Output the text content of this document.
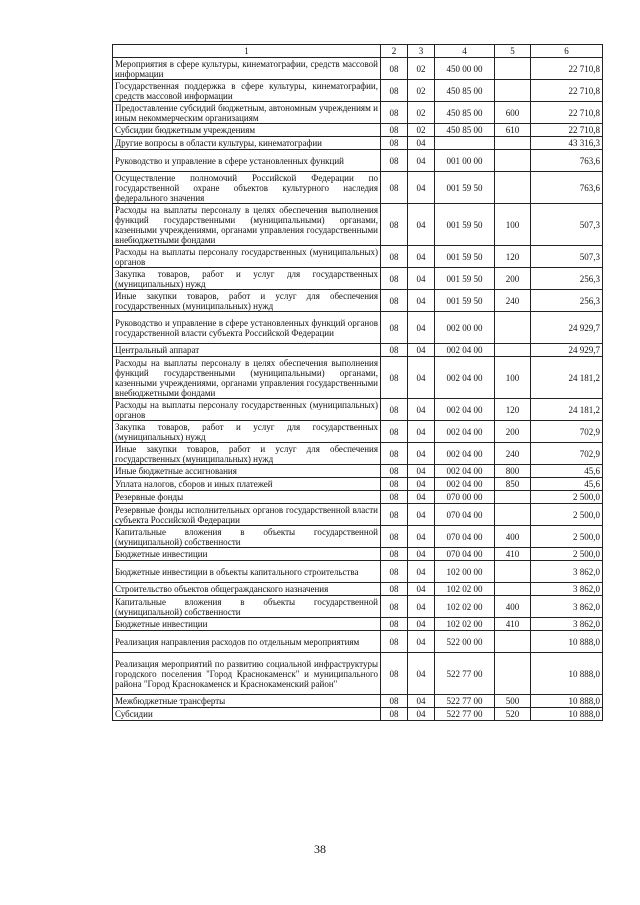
1	2	3	4	5	6
Мероприятия в сфере культуры, кинематографии, средств массовой информации	08	02	450 00 00		22 710,8
Государственная поддержка в сфере культуры, кинематографии, средств массовой информации	08	02	450 85 00		22 710,8
Предоставление субсидий бюджетным, автономным учреждениям и иным некоммерческим организациям	08	02	450 85 00	600	22 710,8
Субсидии бюджетным учреждениям	08	02	450 85 00	610	22 710,8
Другие вопросы в области культуры, кинематографии	08	04			43 316,3
Руководство и управление в сфере установленных функций	08	04	001 00 00		763,6
Осуществление полномочий Российской Федерации по государственной охране объектов культурного наследия федерального значения	08	04	001 59 50		763,6
Расходы на выплаты персоналу в целях обеспечения выполнения функций государственными (муниципальными) органами, казенными учреждениями, органами управления государственными внебюджетными фондами	08	04	001 59 50	100	507,3
Расходы на выплаты персоналу государственных (муниципальных) органов	08	04	001 59 50	120	507,3
Закупка товаров, работ и услуг для государственных (муниципальных) нужд	08	04	001 59 50	200	256,3
Иные закупки товаров, работ и услуг для обеспечения государственных (муниципальных) нужд	08	04	001 59 50	240	256,3
Руководство и управление в сфере установленных функций органов государственной власти субъекта Российской Федерации	08	04	002 00 00		24 929,7
Центральный аппарат	08	04	002 04 00		24 929,7
Расходы на выплаты персоналу в целях обеспечения выполнения функций государственными (муниципальными) органами, казенными учреждениями, органами управления государственными внебюджетными фондами	08	04	002 04 00	100	24 181,2
Расходы на выплаты персоналу государственных (муниципальных) органов	08	04	002 04 00	120	24 181,2
Закупка товаров, работ и услуг для государственных (муниципальных) нужд	08	04	002 04 00	200	702,9
Иные закупки товаров, работ и услуг для обеспечения государственных (муниципальных) нужд	08	04	002 04 00	240	702,9
Иные бюджетные ассигнования	08	04	002 04 00	800	45,6
Уплата налогов, сборов и иных платежей	08	04	002 04 00	850	45,6
Резервные фонды	08	04	070 00 00		2 500,0
Резервные фонды исполнительных органов государственной власти субъекта Российской Федерации	08	04	070 04 00		2 500,0
Капитальные вложения в объекты государственной (муниципальной) собственности	08	04	070 04 00	400	2 500,0
Бюджетные инвестиции	08	04	070 04 00	410	2 500,0
Бюджетные инвестиции в объекты капитального строительства	08	04	102 00 00		3 862,0
Строительство объектов общегражданского назначения	08	04	102 02 00		3 862,0
Капитальные вложения в объекты государственной (муниципальной) собственности	08	04	102 02 00	400	3 862,0
Бюджетные инвестиции	08	04	102 02 00	410	3 862,0
Реализация направления расходов по отдельным мероприятиям	08	04	522 00 00		10 888,0
Реализация мероприятий по развитию социальной инфраструктуры городского поселения "Город Краснокаменск" и муниципального района "Город Краснокаменск и Краснокаменский район"	08	04	522 77 00		10 888,0
Межбюджетные трансферты	08	04	522 77 00	500	10 888,0
Субсидии	08	04	522 77 00	520	10 888,0
38
